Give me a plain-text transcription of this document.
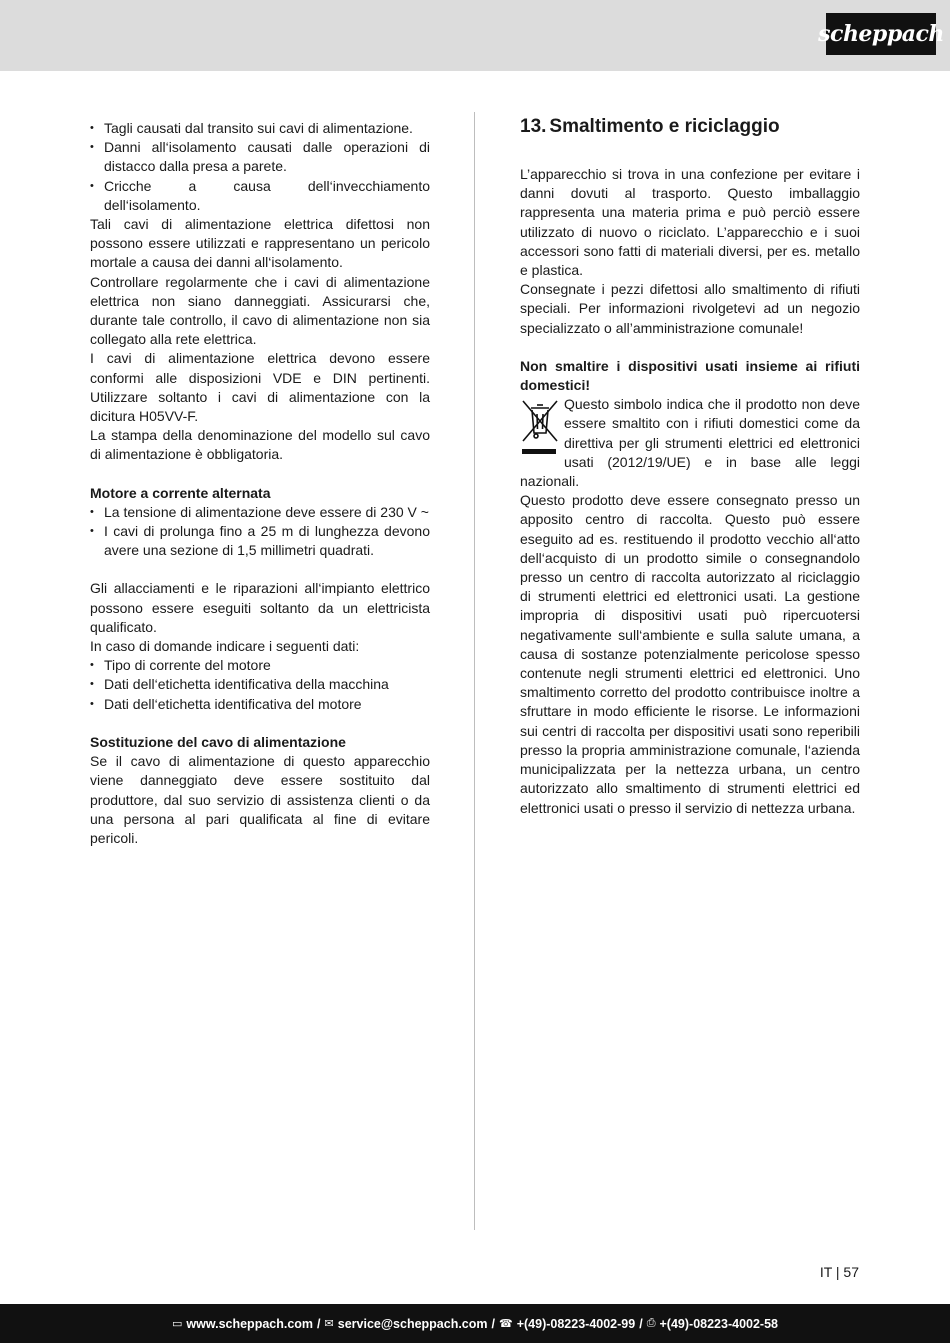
scheppach
• Tagli causati dal transito sui cavi di alimentazione.
• Danni all‘isolamento causati dalle operazioni di distacco dalla presa a parete.
• Cricche a causa dell‘invecchiamento dell‘isolamento.

Tali cavi di alimentazione elettrica difettosi non possono essere utilizzati e rappresentano un pericolo mortale a causa dei danni all‘isolamento.

Controllare regolarmente che i cavi di alimentazione elettrica non siano danneggiati. Assicurarsi che, durante tale controllo, il cavo di alimentazione non sia collegato alla rete elettrica.

I cavi di alimentazione elettrica devono essere conformi alle disposizioni VDE e DIN pertinenti. Utilizzare soltanto i cavi di alimentazione con la dicitura H05VV-F.

La stampa della denominazione del modello sul cavo di alimentazione è obbligatoria.

Motore a corrente alternata

• La tensione di alimentazione deve essere di 230 V ~
• I cavi di prolunga fino a 25 m di lunghezza devono avere una sezione di 1,5 millimetri quadrati.

Gli allacciamenti e le riparazioni all‘impianto elettrico possono essere eseguiti soltanto da un elettricista qualificato.

In caso di domande indicare i seguenti dati:

• Tipo di corrente del motore
• Dati dell‘etichetta identificativa della macchina
• Dati dell‘etichetta identificativa del motore

Sostituzione del cavo di alimentazione

Se il cavo di alimentazione di questo apparecchio viene danneggiato deve essere sostituito dal produttore, dal suo servizio di assistenza clienti o da una persona al pari qualificata al fine di evitare pericoli.

13. Smaltimento e riciclaggio

L’apparecchio si trova in una confezione per evitare i danni dovuti al trasporto. Questo imballaggio rappresenta una materia prima e può perciò essere utilizzato di nuovo o riciclato. L’apparecchio e i suoi accessori sono fatti di materiali diversi, per es. metallo e plastica.

Consegnate i pezzi difettosi allo smaltimento di rifiuti speciali. Per informazioni rivolgetevi ad un negozio specializzato o all’amministrazione comunale!

Non smaltire i dispositivi usati insieme ai rifiuti domestici!

Questo simbolo indica che il prodotto non deve essere smaltito con i rifiuti domestici come da direttiva per gli strumenti elettrici ed elettronici usati (2012/19/UE) e in base alle leggi nazionali.

Questo prodotto deve essere consegnato presso un apposito centro di raccolta. Questo può essere eseguito ad es. restituendo il prodotto vecchio all‘atto dell‘acquisto di un prodotto simile o consegnandolo presso un centro di raccolta autorizzato al riciclaggio di strumenti elettrici ed elettronici usati. La gestione impropria di dispositivi usati può ripercuotersi negativamente sull‘ambiente e sulla salute umana, a causa di sostanze potenzialmente pericolose spesso contenute negli strumenti elettrici ed elettronici. Uno smaltimento corretto del prodotto contribuisce inoltre a sfruttare in modo efficiente le risorse. Le informazioni sui centri di raccolta per dispositivi usati sono reperibili presso la propria amministrazione comunale, l‘azienda municipalizzata per la nettezza urbana, un centro autorizzato allo smaltimento di strumenti elettrici ed elettronici usati o presso il servizio di nettezza urbana.

IT | 57
▭ www.scheppach.com / ✉ service@scheppach.com / ☎ +(49)-08223-4002-99 / ⎙ +(49)-08223-4002-58
